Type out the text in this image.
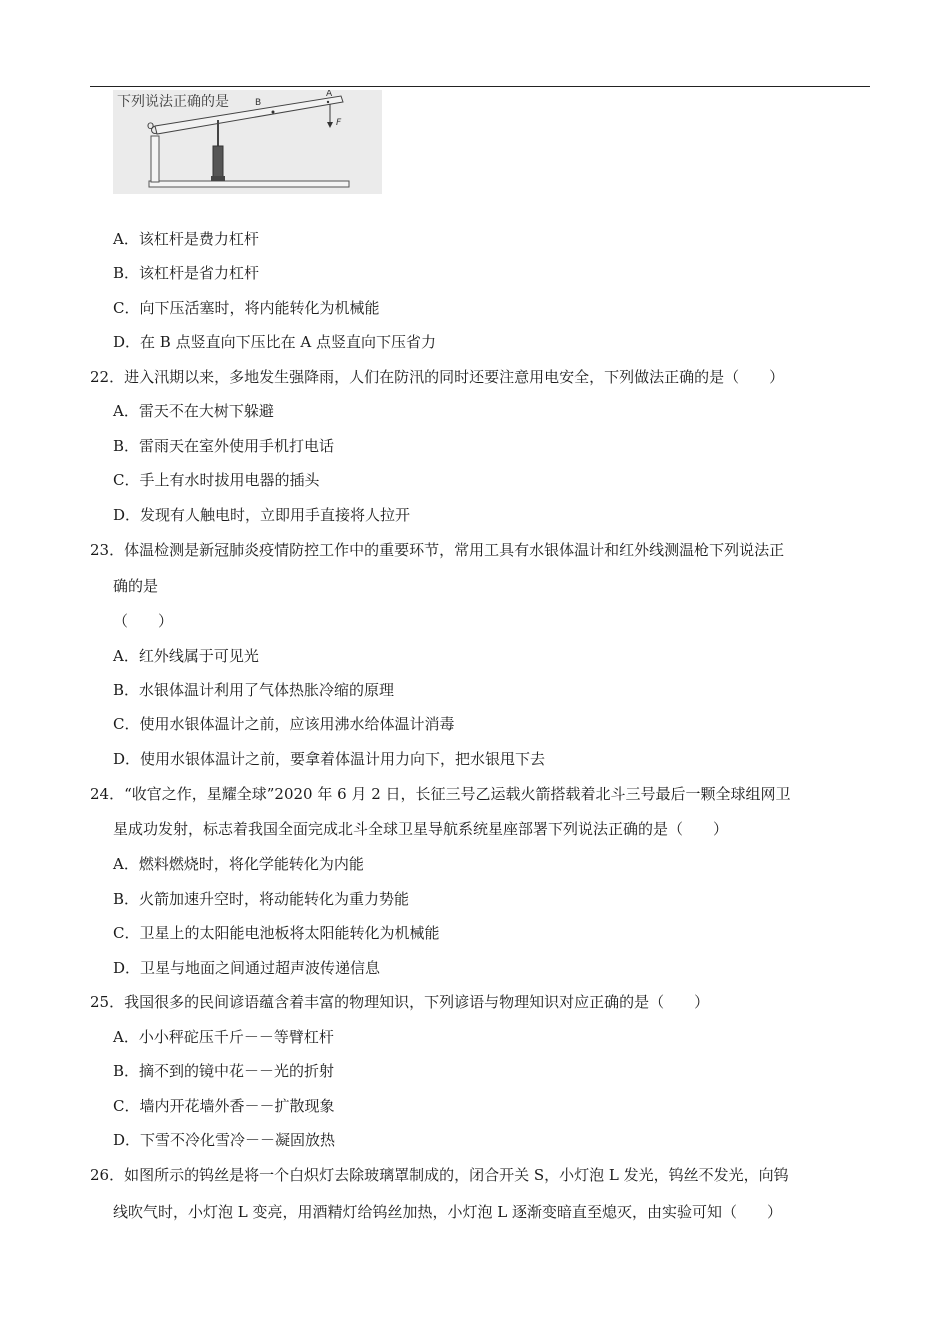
下列说法正确的是	A
B
O	F
A．该杠杆是费力杠杆
B．该杠杆是省力杠杆
C．向下压活塞时，将内能转化为机械能
D．在 B 点竖直向下压比在 A 点竖直向下压省力
22．进入汛期以来，多地发生强降雨，人们在防汛的同时还要注意用电安全，下列做法正确的是（　　）
A．雷天不在大树下躲避
B．雷雨天在室外使用手机打电话
C．手上有水时拔用电器的插头
D．发现有人触电时，立即用手直接将人拉开
23．体温检测是新冠肺炎疫情防控工作中的重要环节，常用工具有水银体温计和红外线测温枪下列说法正
确的是
（　　）
A．红外线属于可见光
B．水银体温计利用了气体热胀冷缩的原理
C．使用水银体温计之前，应该用沸水给体温计消毒
D．使用水银体温计之前，要拿着体温计用力向下，把水银甩下去
24．“收官之作，星耀全球”2020 年 6 月 2 日，长征三号乙运载火箭搭载着北斗三号最后一颗全球组网卫
星成功发射，标志着我国全面完成北斗全球卫星导航系统星座部署下列说法正确的是（　　）
A．燃料燃烧时，将化学能转化为内能
B．火箭加速升空时，将动能转化为重力势能
C．卫星上的太阳能电池板将太阳能转化为机械能
D．卫星与地面之间通过超声波传递信息
25．我国很多的民间谚语蕴含着丰富的物理知识，下列谚语与物理知识对应正确的是（　　）
A．小小秤砣压千斤－－等臂杠杆
B．摘不到的镜中花－－光的折射
C．墙内开花墙外香－－扩散现象
D．下雪不冷化雪冷－－凝固放热
26．如图所示的钨丝是将一个白炽灯去除玻璃罩制成的，闭合开关 S，小灯泡 L 发光，钨丝不发光，向钨
线吹气时，小灯泡 L 变亮，用酒精灯给钨丝加热，小灯泡 L 逐渐变暗直至熄灭，由实验可知（　　）
